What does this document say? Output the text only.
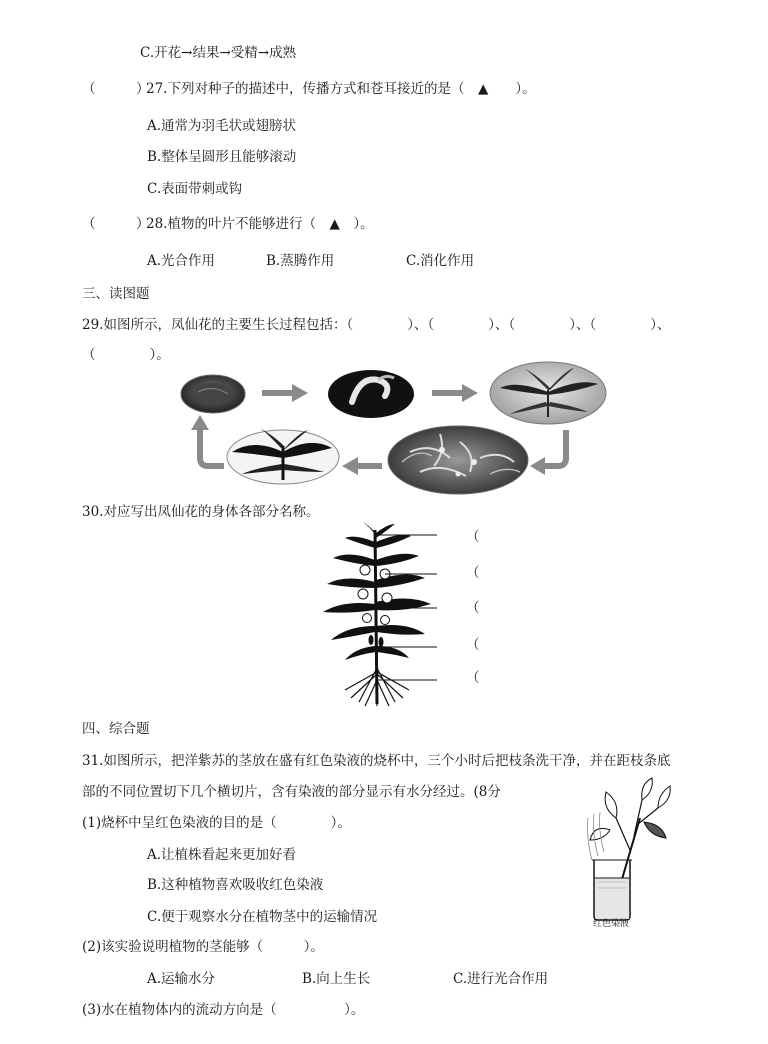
C.开花→结果→受精→成熟
（　　　）
27.下列对种子的描述中，传播方式和苍耳接近的是（　▲　　）。
A.通常为羽毛状或翅膀状
B.整体呈圆形且能够滚动
C.表面带刺或钩
（　　　）
28.植物的叶片不能够进行（　▲　）。
A.光合作用	B.蒸腾作用	C.消化作用
三、读图题
29.如图所示，凤仙花的主要生长过程包括：（　　　　）、（　　　　）、（　　　　）、（　　　　）、
（　　　　）。
30.对应写出凤仙花的身体各部分名称。
（
（
（
（
（
四、综合题
31.如图所示，把洋紫苏的茎放在盛有红色染液的烧杯中，三个小时后把枝条洗干净，并在距枝条底
部的不同位置切下几个横切片，含有染液的部分显示有水分经过。(8分
(1)烧杯中呈红色染液的目的是（　　　　）。
A.让植株看起来更加好看
B.这种植物喜欢吸收红色染液
C.便于观察水分在植物茎中的运输情况
(2)该实验说明植物的茎能够（　　　）。
A.运输水分	B.向上生长	C.进行光合作用
(3)水在植物体内的流动方向是（　　　　　）。
红色染液
